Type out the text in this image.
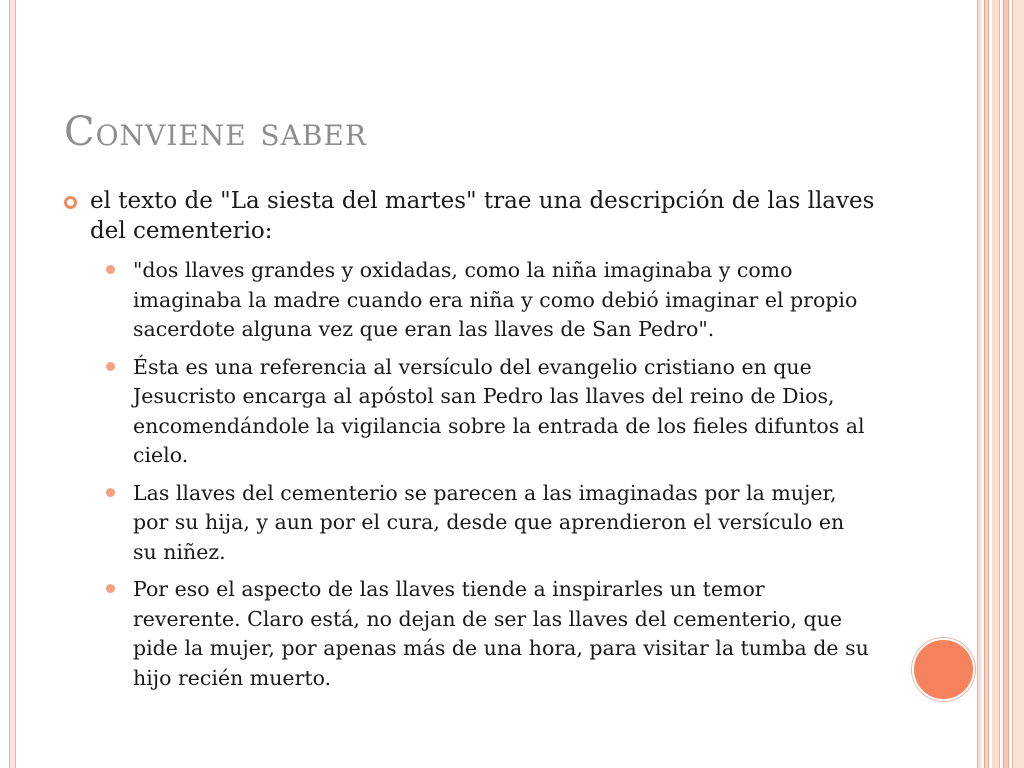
Conviene saber
el texto de "La siesta del martes" trae una descripción de las llaves del cementerio:
"dos llaves grandes y oxidadas, como la niña imaginaba y como imaginaba la madre cuando era niña y como debió imaginar el propio sacerdote alguna vez que eran las llaves de San Pedro".
Ésta es una referencia al versículo del evangelio cristiano en que Jesucristo encarga al apóstol san Pedro las llaves del reino de Dios, encomendándole la vigilancia sobre la entrada de los fieles difuntos al cielo.
Las llaves del cementerio se parecen a las imaginadas por la mujer, por su hija, y aun por el cura, desde que aprendieron el versículo en su niñez.
Por eso el aspecto de las llaves tiende a inspirarles un temor reverente. Claro está, no dejan de ser las llaves del cementerio, que pide la mujer, por apenas más de una hora, para visitar la tumba de su hijo recién muerto.
